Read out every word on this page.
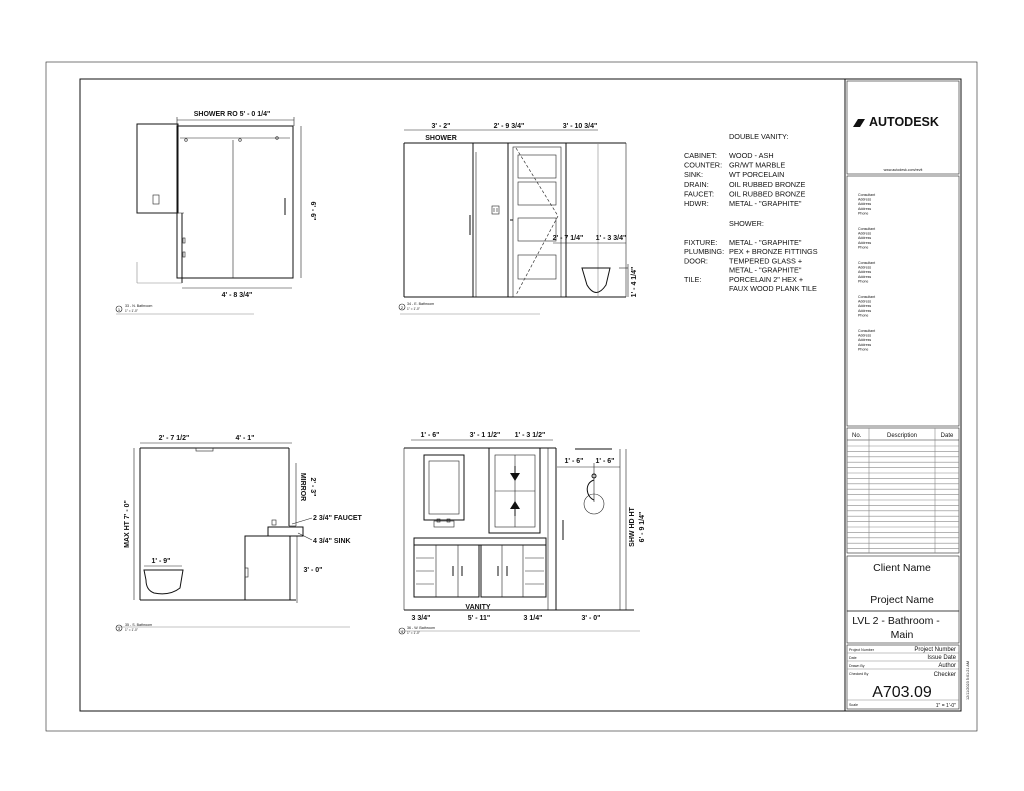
AUTODESK
www.autodesk.com/revit
Consultant
Address
Address
Address
Phone
Consultant
Address
Address
Address
Phone
Consultant
Address
Address
Address
Phone
Consultant
Address
Address
Address
Phone
Consultant
Address
Address
Address
Phone
No.	Description	Date
Client Name
Project Name
LVL 2 - Bathroom -
Main
Project Number	Project Number
Date	Issue Date
Drawn By	Author
Checked By	Checker
A703.09
Scale	1" = 1'-0"
12/11/2023 5:01:21 AM
DOUBLE VANITY:
CABINET: WOOD - ASH
COUNTER: GR/WT MARBLE
SINK:	WT PORCELAIN
DRAIN:	OIL RUBBED BRONZE
FAUCET: OIL RUBBED BRONZE
HDWR:	METAL - "GRAPHITE"
SHOWER:
FIXTURE: METAL - "GRAPHITE"
PLUMBING: PEX + BRONZE FITTINGS
DOOR:	TEMPERED GLASS +
METAL - "GRAPHITE"
TILE:	PORCELAIN 2" HEX +
FAUX WOOD PLANK TILE
SHOWER RO 5' - 0 1/4"
6' - 6"
4' - 8 3/4"
1
33 - N. Bathroom
1" = 1'-0"
3' - 2"	2' - 9 3/4"	3' - 10 3/4"
SHOWER
2' - 7 1/4" 1' - 3 3/4"
1' - 4 1/4"
2
34 - E. Bathroom
1" = 1'-0"
2' - 7 1/2"	4' - 1"
MIRROR 2' - 3"
2 3/4" FAUCET
4 3/4" SINK
MAX HT 7' - 0"
1' - 9"
3' - 0"
3
35 - S. Bathroom
1" = 1'-0"
1' - 6"	3' - 1 1/2" 1' - 3 1/2"
1' - 6" 1' - 6"
SHW HD HT 6' - 9 1/4"
VANITY
3 3/4"	5' - 11"	3 1/4"	3' - 0"
4
36 - W. Bathroom
1" = 1'-0"
